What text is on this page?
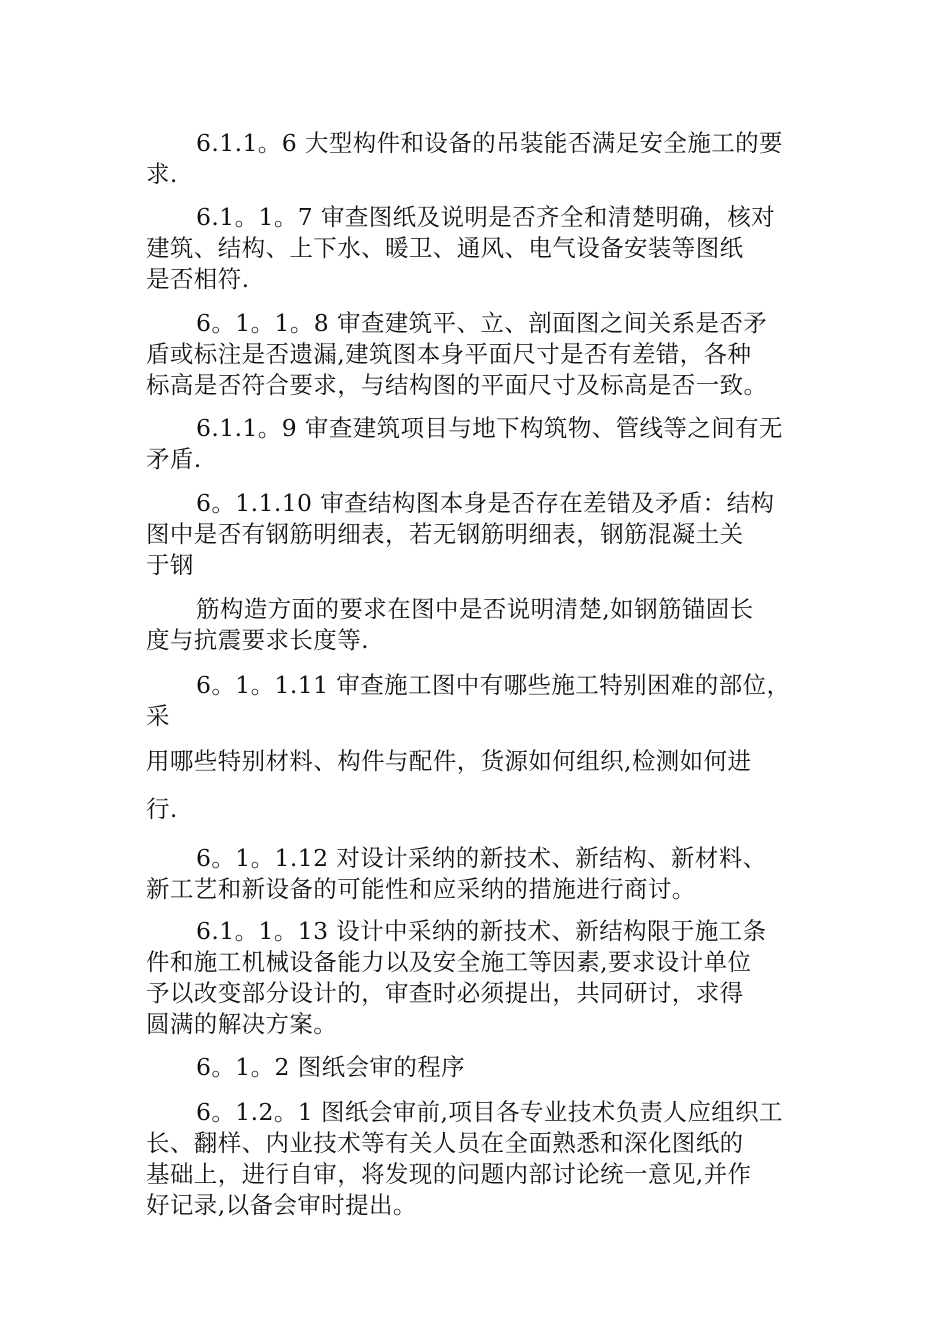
6.1.1。6 大型构件和设备的吊装能否满足安全施工的要
求.

6.1。1。7 审查图纸及说明是否齐全和清楚明确，核对
建筑、结构、上下水、暖卫、通风、电气设备安装等图纸
是否相符.

6。1。1。8 审查建筑平、立、剖面图之间关系是否矛
盾或标注是否遗漏,建筑图本身平面尺寸是否有差错，各种
标高是否符合要求，与结构图的平面尺寸及标高是否一致。

6.1.1。9 审查建筑项目与地下构筑物、管线等之间有无
矛盾.

6。1.1.10 审查结构图本身是否存在差错及矛盾：结构
图中是否有钢筋明细表，若无钢筋明细表，钢筋混凝土关
于钢

筋构造方面的要求在图中是否说明清楚,如钢筋锚固长
度与抗震要求长度等.

6。1。1.11 审查施工图中有哪些施工特别困难的部位，
采

用哪些特别材料、构件与配件，货源如何组织,检测如何进

行.

6。1。1.12 对设计采纳的新技术、新结构、新材料、
新工艺和新设备的可能性和应采纳的措施进行商讨。

6.1。1。13 设计中采纳的新技术、新结构限于施工条
件和施工机械设备能力以及安全施工等因素,要求设计单位
予以改变部分设计的，审查时必须提出，共同研讨，求得
圆满的解决方案。

6。1。2 图纸会审的程序

6。1.2。1 图纸会审前,项目各专业技术负责人应组织工
长、翻样、内业技术等有关人员在全面熟悉和深化图纸的
基础上，进行自审，将发现的问题内部讨论统一意见,并作
好记录,以备会审时提出。
